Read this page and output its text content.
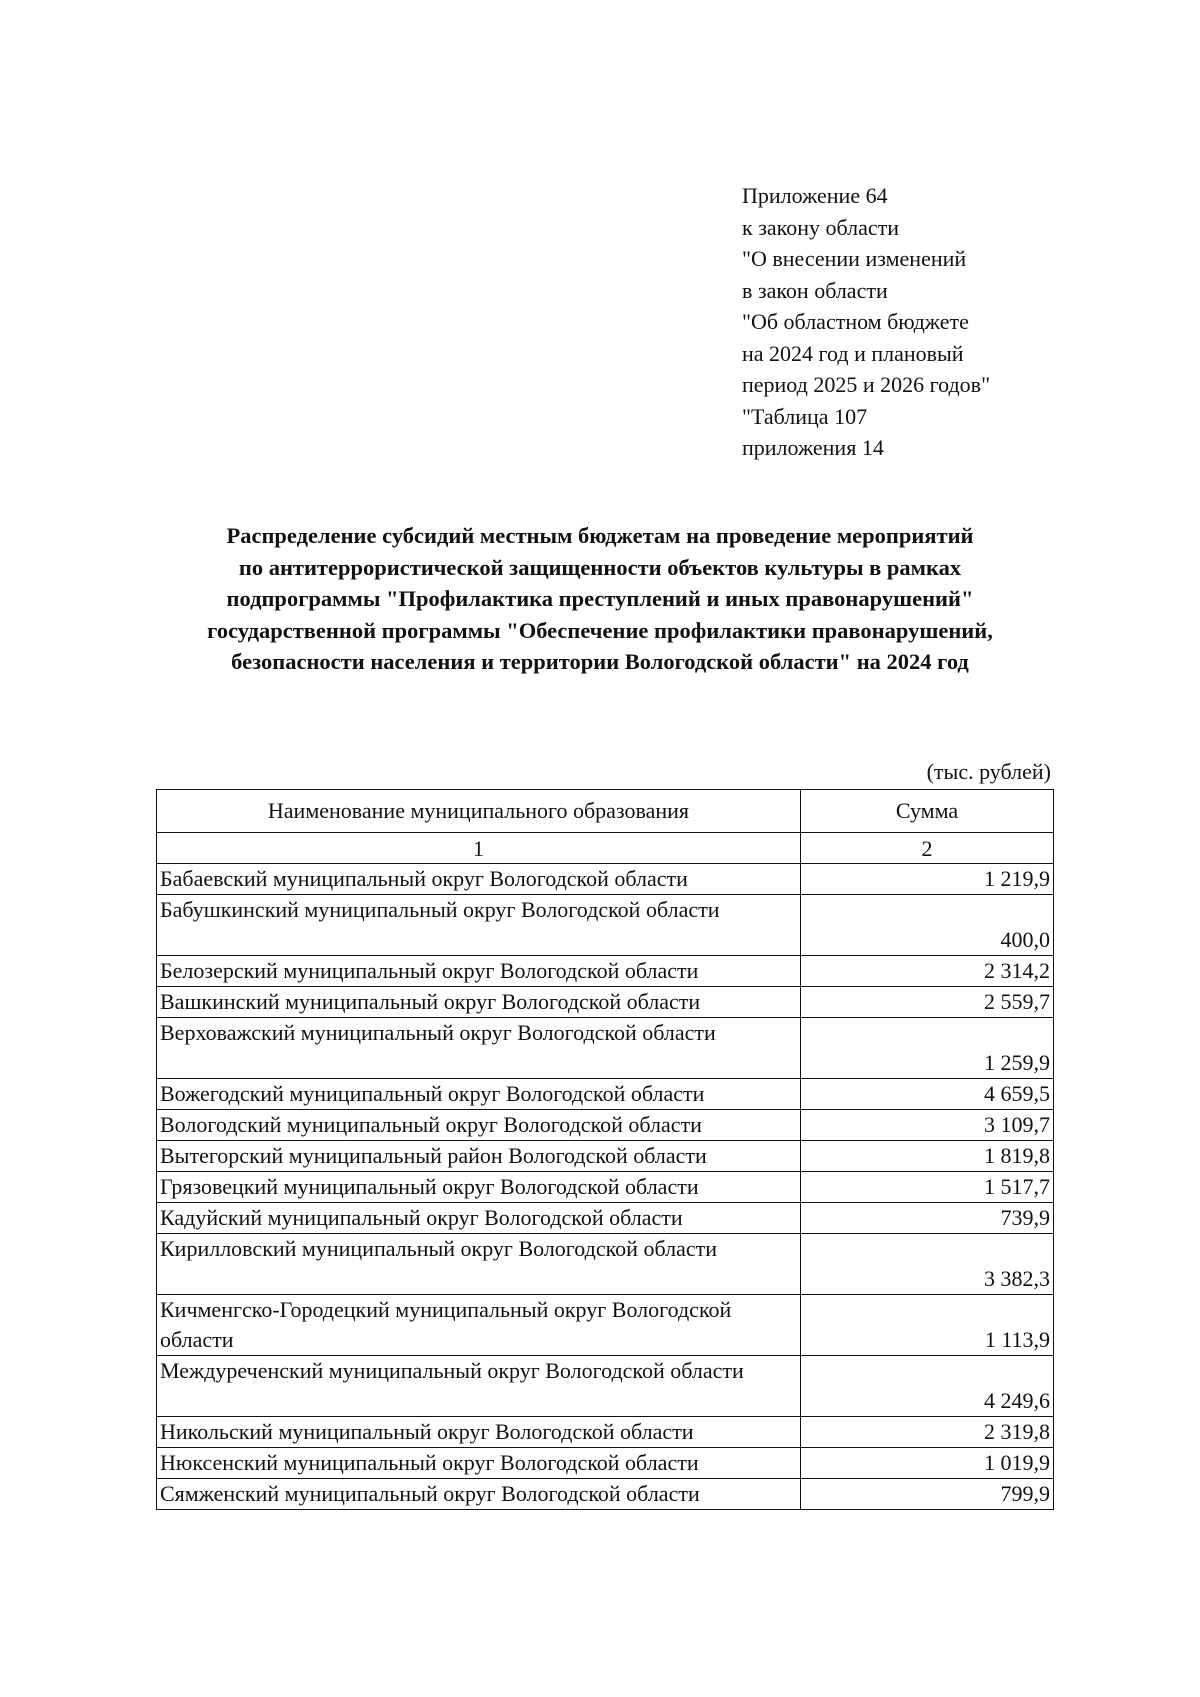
Приложение 64
к закону области
"О внесении изменений
в закон области
"Об областном бюджете
на 2024 год и плановый
период 2025 и 2026 годов"
"Таблица 107
приложения 14
Распределение субсидий местным бюджетам на проведение мероприятий
по антитеррористической защищенности объектов культуры в рамках
подпрограммы "Профилактика преступлений и иных правонарушений"
государственной программы "Обеспечение профилактики правонарушений,
безопасности населения и территории Вологодской области" на 2024 год
(тыс. рублей)
Наименование муниципального образования	Сумма
1	2
Бабаевский муниципальный округ Вологодской области	1 219,9
Бабушкинский муниципальный округ Вологодской области	400,0
Белозерский муниципальный округ Вологодской области	2 314,2
Вашкинский муниципальный округ Вологодской области	2 559,7
Верховажский муниципальный округ Вологодской области	1 259,9
Вожегодский муниципальный округ Вологодской области	4 659,5
Вологодский муниципальный округ Вологодской области	3 109,7
Вытегорский муниципальный район Вологодской области	1 819,8
Грязовецкий муниципальный округ Вологодской области	1 517,7
Кадуйский муниципальный округ Вологодской области	739,9
Кирилловский муниципальный округ Вологодской области	3 382,3
Кичменгско-Городецкий муниципальный округ Вологодской области	1 113,9
Междуреченский муниципальный округ Вологодской области	4 249,6
Никольский муниципальный округ Вологодской области	2 319,8
Нюксенский муниципальный округ Вологодской области	1 019,9
Сямженский муниципальный округ Вологодской области	799,9
